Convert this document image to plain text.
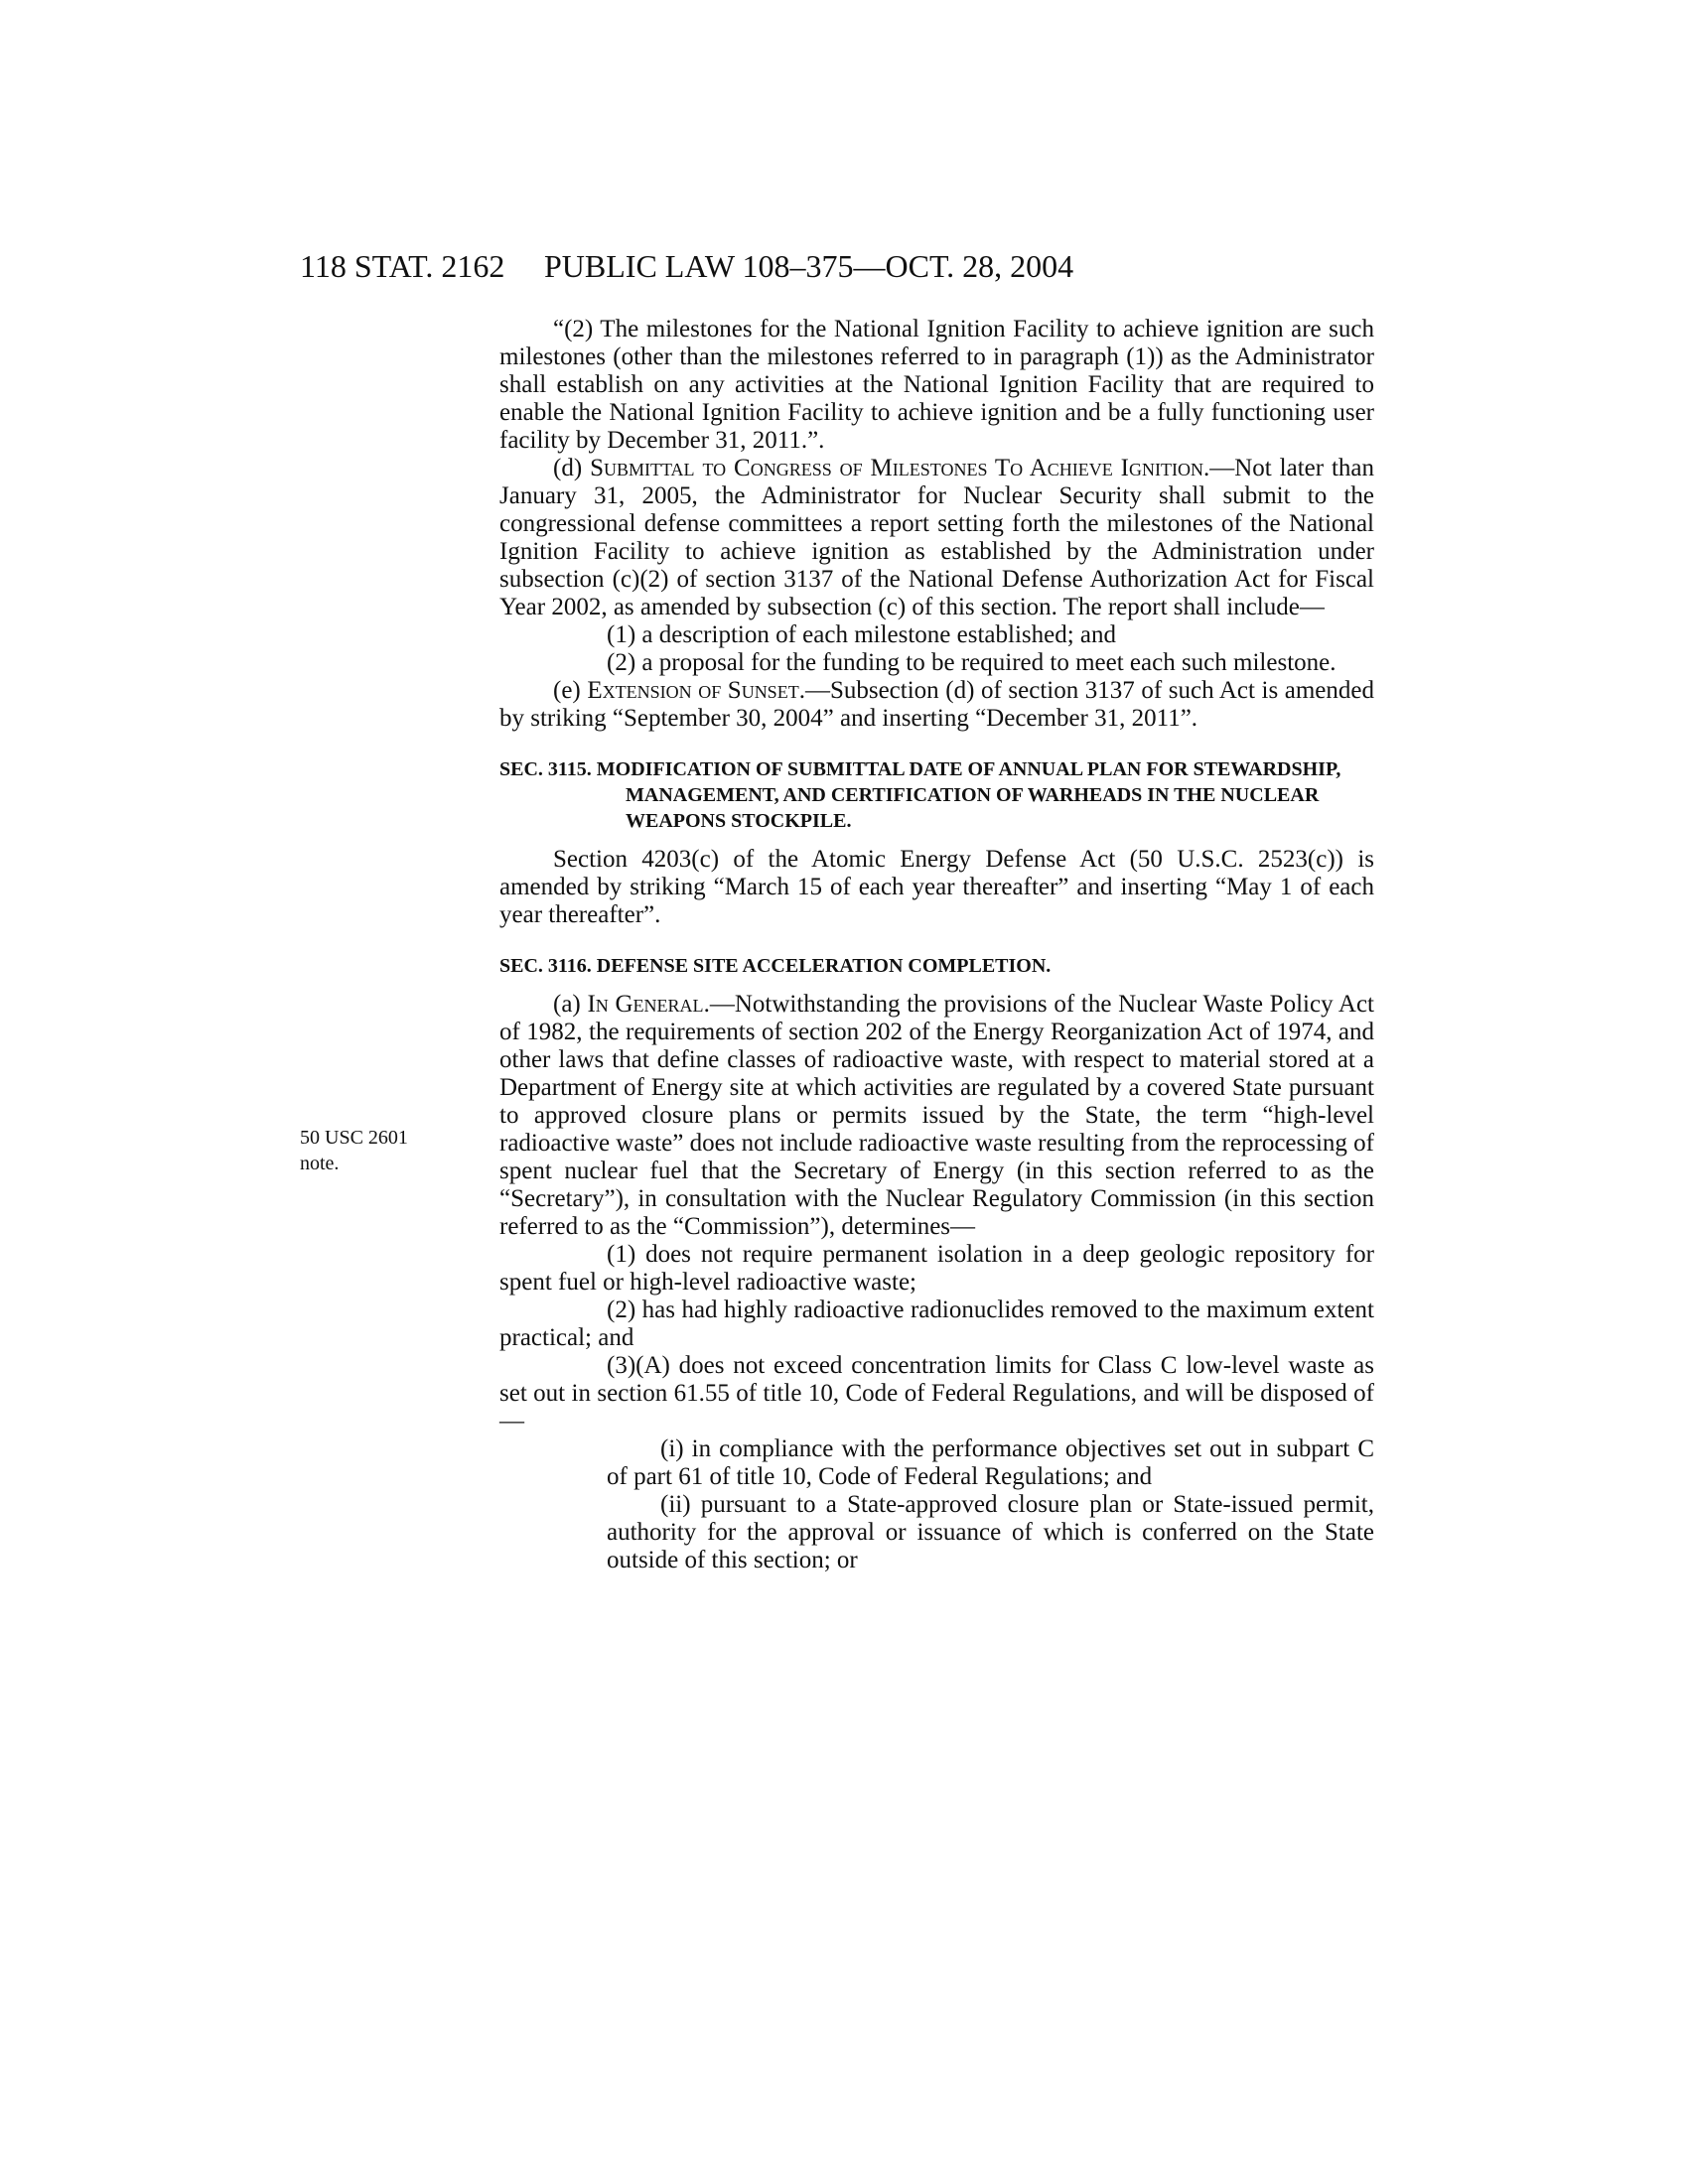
118 STAT. 2162 PUBLIC LAW 108–375—OCT. 28, 2004
50 USC 2601
note.

“(2) The milestones for the National Ignition Facility to achieve ignition are such milestones (other than the milestones referred to in paragraph (1)) as the Administrator shall establish on any activities at the National Ignition Facility that are required to enable the National Ignition Facility to achieve ignition and be a fully functioning user facility by December 31, 2011.”.

(d) Submittal to Congress of Milestones To Achieve Ignition.—Not later than January 31, 2005, the Administrator for Nuclear Security shall submit to the congressional defense committees a report setting forth the milestones of the National Ignition Facility to achieve ignition as established by the Administration under subsection (c)(2) of section 3137 of the National Defense Authorization Act for Fiscal Year 2002, as amended by subsection (c) of this section. The report shall include—

(1) a description of each milestone established; and

(2) a proposal for the funding to be required to meet each such milestone.

(e) Extension of Sunset.—Subsection (d) of section 3137 of such Act is amended by striking “September 30, 2004” and inserting “December 31, 2011”.

SEC. 3115. MODIFICATION OF SUBMITTAL DATE OF ANNUAL PLAN FOR STEWARDSHIP, MANAGEMENT, AND CERTIFICATION OF WARHEADS IN THE NUCLEAR WEAPONS STOCKPILE.

Section 4203(c) of the Atomic Energy Defense Act (50 U.S.C. 2523(c)) is amended by striking “March 15 of each year thereafter” and inserting “May 1 of each year thereafter”.

SEC. 3116. DEFENSE SITE ACCELERATION COMPLETION.

(a) In General.—Notwithstanding the provisions of the Nuclear Waste Policy Act of 1982, the requirements of section 202 of the Energy Reorganization Act of 1974, and other laws that define classes of radioactive waste, with respect to material stored at a Department of Energy site at which activities are regulated by a covered State pursuant to approved closure plans or permits issued by the State, the term “high-level radioactive waste” does not include radioactive waste resulting from the reprocessing of spent nuclear fuel that the Secretary of Energy (in this section referred to as the “Secretary”), in consultation with the Nuclear Regulatory Commission (in this section referred to as the “Commission”), determines—

(1) does not require permanent isolation in a deep geologic repository for spent fuel or high-level radioactive waste;

(2) has had highly radioactive radionuclides removed to the maximum extent practical; and

(3)(A) does not exceed concentration limits for Class C low-level waste as set out in section 61.55 of title 10, Code of Federal Regulations, and will be disposed of—

(i) in compliance with the performance objectives set out in subpart C of part 61 of title 10, Code of Federal Regulations; and

(ii) pursuant to a State-approved closure plan or State-issued permit, authority for the approval or issuance of which is conferred on the State outside of this section; or
